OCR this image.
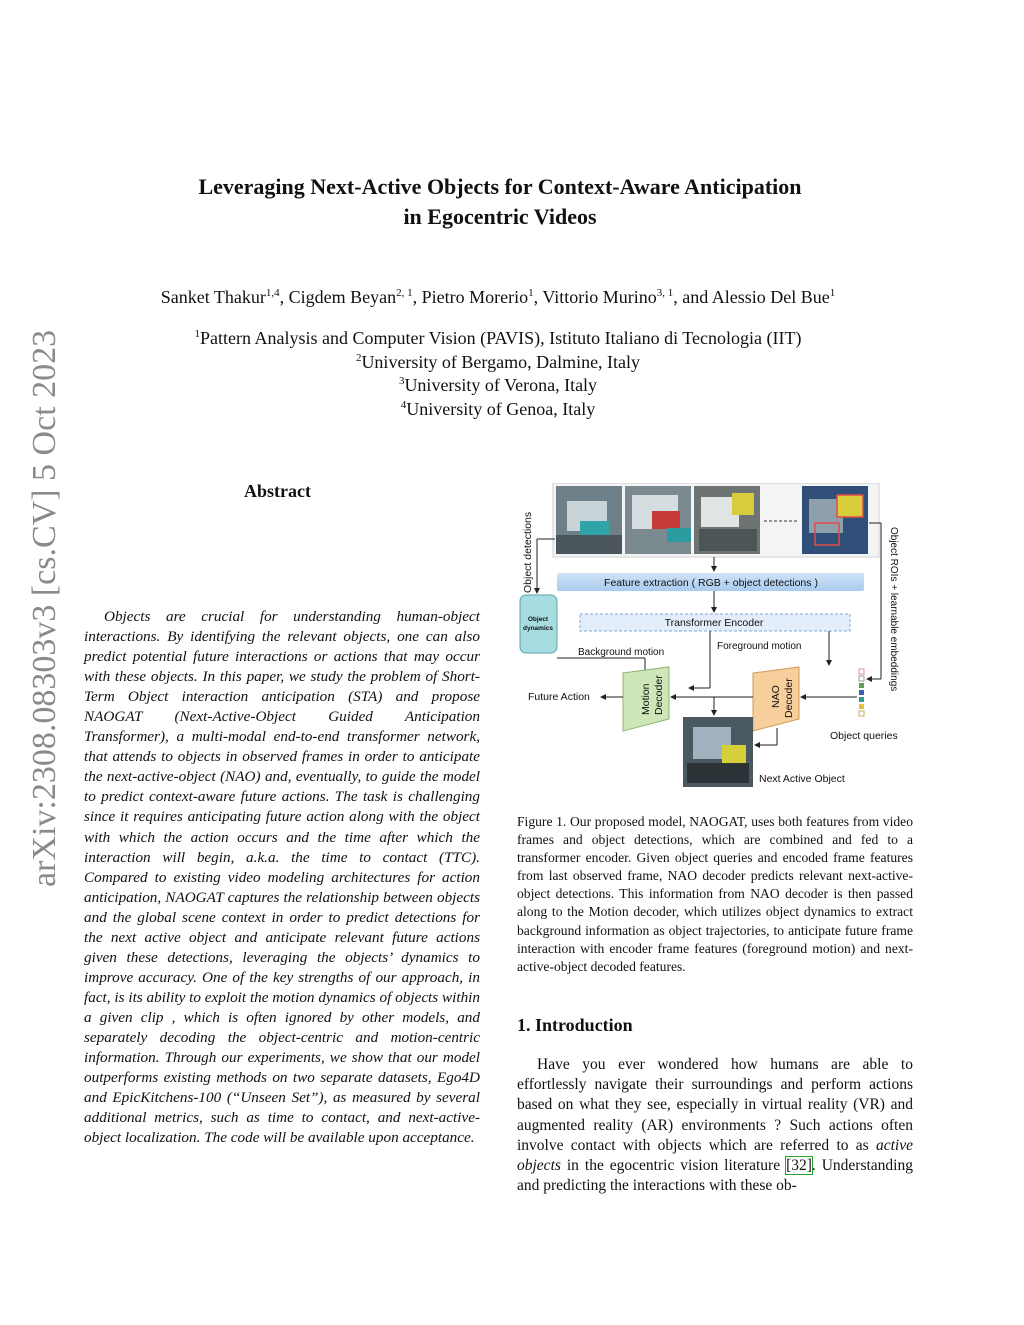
arXiv:2308.08303v3 [cs.CV] 5 Oct 2023
Leveraging Next-Active Objects for Context-Aware Anticipation
in Egocentric Videos
Sanket Thakur$^{1,4}$, Cigdem Beyan$^{2, 1}$, Pietro Morerio$^1$, Vittorio Murino$^{3, 1}$, and Alessio Del Bue$^1$
$^1$Pattern Analysis and Computer Vision (PAVIS), Istituto Italiano di Tecnologia (IIT)
$^2$University of Bergamo, Dalmine, Italy
$^3$University of Verona, Italy
$^4$University of Genoa, Italy
Abstract
Objects are crucial for understanding human-object interactions. By identifying the relevant objects, one can also predict potential future interactions or actions that may occur with these objects. In this paper, we study the problem of Short-Term Object interaction anticipation (STA) and propose NAOGAT (Next-Active-Object Guided Anticipation Transformer), a multi-modal end-to-end transformer network, that attends to objects in observed frames in order to anticipate the next-active-object (NAO) and, eventually, to guide the model to predict context-aware future actions. The task is challenging since it requires anticipating future action along with the object with which the action occurs and the time after which the interaction will begin, a.k.a. the time to contact (TTC). Compared to existing video modeling architectures for action anticipation, NAOGAT captures the relationship between objects and the global scene context in order to predict detections for the next active object and anticipate relevant future actions given these detections, leveraging the objects’ dynamics to improve accuracy. One of the key strengths of our approach, in fact, is its ability to exploit the motion dynamics of objects within a given clip , which is often ignored by other models, and separately decoding the object-centric and motion-centric information. Through our experiments, we show that our model outperforms existing methods on two separate datasets, Ego4D and EpicKitchens-100 (“Unseen Set”), as measured by several additional metrics, such as time to contact, and next-active-object localization. The code will be available upon acceptance.
Object detections	Object ROIs + learnable embeddings
Feature extraction ( RGB + object detections )
Transformer Encoder
Object
dynamics
Background motion
Foreground motion
Motion Decoder	NAO Decoder
Future Action
Object queries
Next Active Object
Figure 1. Our proposed model, NAOGAT, uses both features from video frames and object detections, which are combined and fed to a transformer encoder. Given object queries and encoded frame features from last observed frame, NAO decoder predicts relevant next-active-object detections. This information from NAO decoder is then passed along to the Motion decoder, which utilizes object dynamics to extract background information as object trajectories, to anticipate future frame interaction with encoder frame features (foreground motion) and next-active-object decoded features.
1. Introduction
Have you ever wondered how humans are able to effortlessly navigate their surroundings and perform actions based on what they see, especially in virtual reality (VR) and augmented reality (AR) environments ? Such actions often involve contact with objects which are referred to as active objects in the egocentric vision literature [32]. Understanding and predicting the interactions with these ob-
